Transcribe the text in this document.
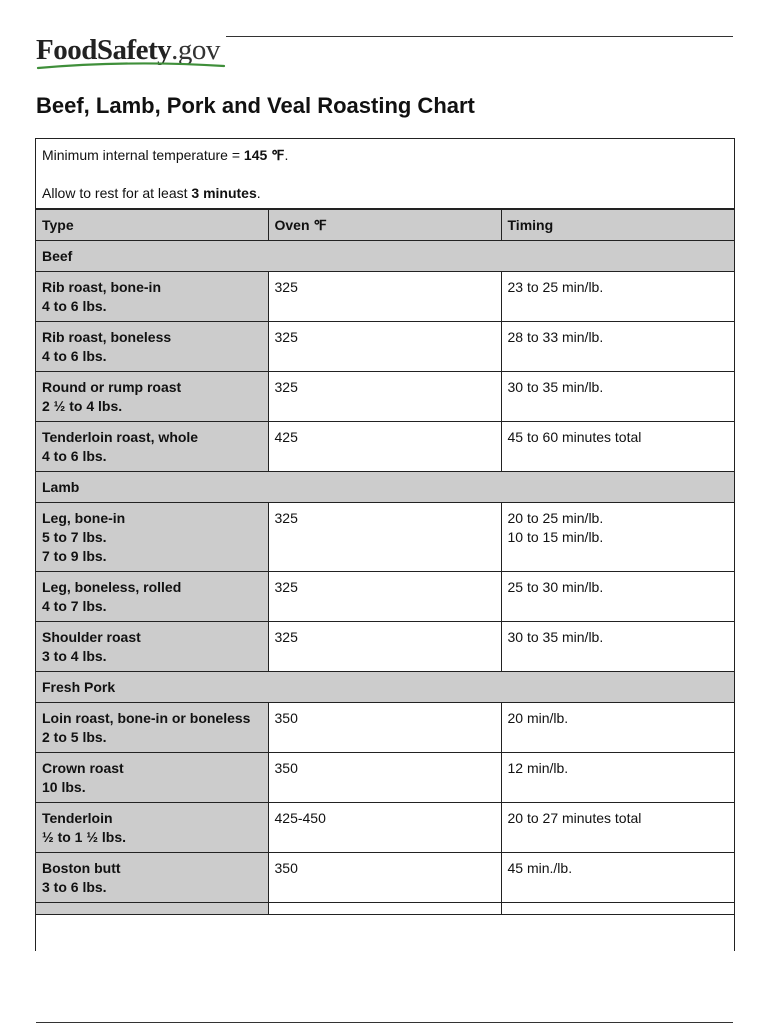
FoodSafety.gov
Beef, Lamb, Pork and Veal Roasting Chart

Minimum internal temperature = 145 ℉.

Allow to rest for at least 3 minutes.

Type	Oven ℉	Timing
Beef		

Rib roast, bone-in
4 to 6 lbs.	325	23 to 25 min/lb.

Rib roast, boneless
4 to 6 lbs.	325	28 to 33 min/lb.

Round or rump roast
2 ½ to 4 lbs.	325	30 to 35 min/lb.

Tenderloin roast, whole
4 to 6 lbs.	425	45 to 60 minutes total

Lamb		

Leg, bone-in
5 to 7 lbs.
7 to 9 lbs.	325	20 to 25 min/lb.
10 to 15 min/lb.

Leg, boneless, rolled
4 to 7 lbs.	325	25 to 30 min/lb.

Shoulder roast
3 to 4 lbs.	325	30 to 35 min/lb.

Fresh Pork		

Loin roast, bone-in or boneless
2 to 5 lbs.	350	20 min/lb.

Crown roast
10 lbs.	350	12 min/lb.

Tenderloin
½ to 1 ½ lbs.	425-450	20 to 27 minutes total

Boston butt
3 to 6 lbs.	350	45 min./lb.
